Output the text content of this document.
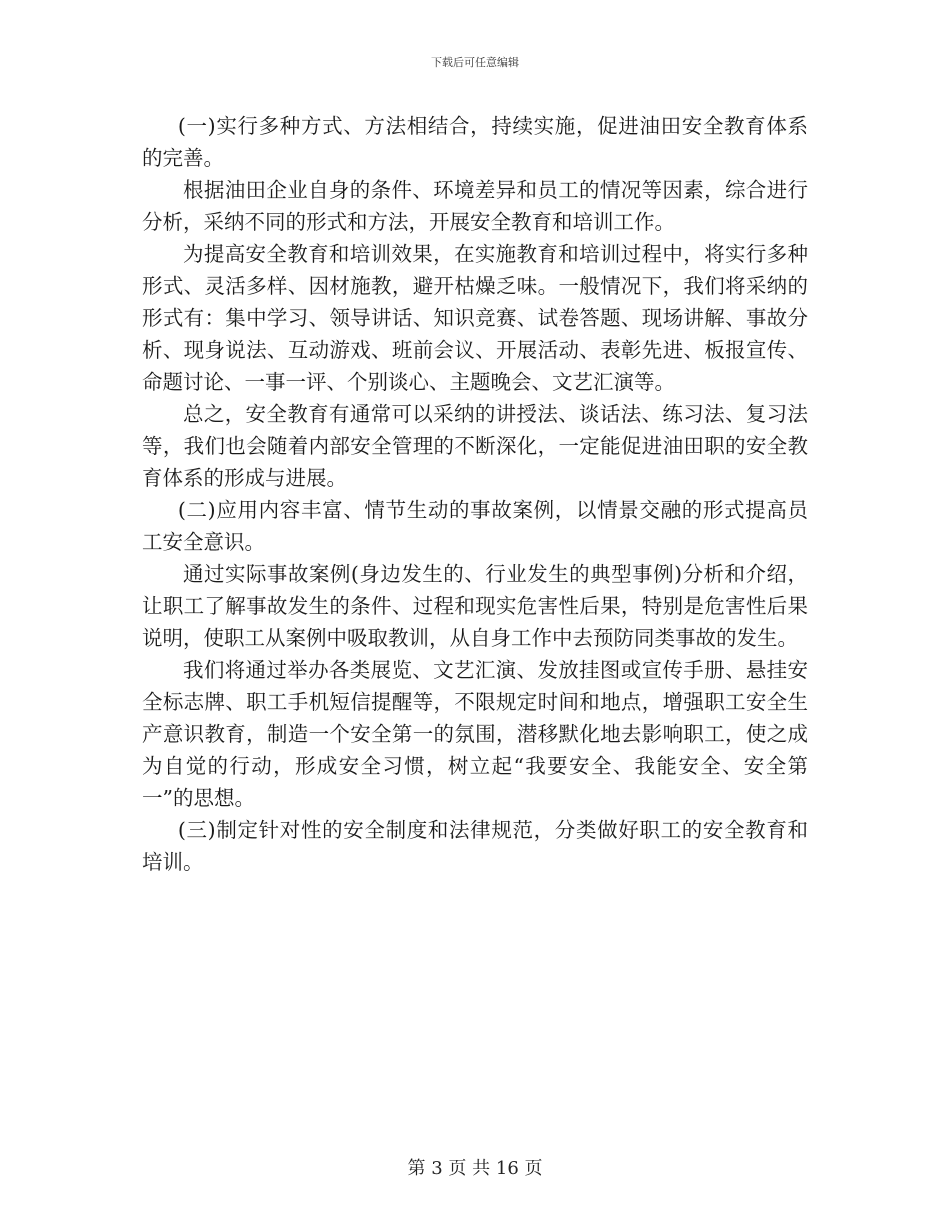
下载后可任意编辑

(一)实行多种方式、方法相结合，持续实施，促进油田安全教育体系的完善。

根据油田企业自身的条件、环境差异和员工的情况等因素，综合进行分析，采纳不同的形式和方法，开展安全教育和培训工作。

为提高安全教育和培训效果，在实施教育和培训过程中，将实行多种形式、灵活多样、因材施教，避开枯燥乏味。一般情况下，我们将采纳的形式有：集中学习、领导讲话、知识竞赛、试卷答题、现场讲解、事故分析、现身说法、互动游戏、班前会议、开展活动、表彰先进、板报宣传、命题讨论、一事一评、个别谈心、主题晚会、文艺汇演等。

总之，安全教育有通常可以采纳的讲授法、谈话法、练习法、复习法等，我们也会随着内部安全管理的不断深化，一定能促进油田职的安全教育体系的形成与进展。

(二)应用内容丰富、情节生动的事故案例，以情景交融的形式提高员工安全意识。

通过实际事故案例(身边发生的、行业发生的典型事例)分析和介绍，让职工了解事故发生的条件、过程和现实危害性后果，特别是危害性后果说明，使职工从案例中吸取教训，从自身工作中去预防同类事故的发生。

我们将通过举办各类展览、文艺汇演、发放挂图或宣传手册、悬挂安全标志牌、职工手机短信提醒等，不限规定时间和地点，增强职工安全生产意识教育，制造一个安全第一的氛围，潜移默化地去影响职工，使之成为自觉的行动，形成安全习惯，树立起“我要安全、我能安全、安全第一”的思想。

(三)制定针对性的安全制度和法律规范，分类做好职工的安全教育和培训。

第 3 页 共 16 页
